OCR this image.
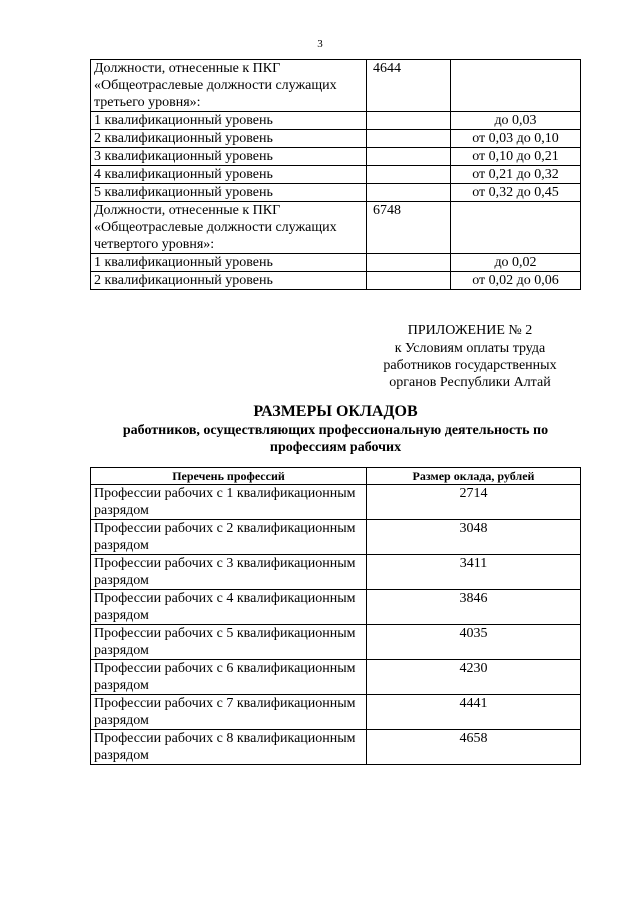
3
Должности, отнесенные к ПКГ «Общеотраслевые должности служащих третьего уровня»:	4644	
1 квалификационный уровень		до 0,03
2 квалификационный уровень		от 0,03 до 0,10
3 квалификационный уровень		от 0,10 до 0,21
4 квалификационный уровень		от 0,21 до 0,32
5 квалификационный уровень		от 0,32 до 0,45
Должности, отнесенные к ПКГ «Общеотраслевые должности служащих четвертого уровня»:	6748	
1 квалификационный уровень		до 0,02
2 квалификационный уровень		от 0,02 до 0,06
ПРИЛОЖЕНИЕ № 2
к Условиям оплаты труда
работников государственных
органов Республики Алтай
РАЗМЕРЫ ОКЛАДОВ
работников, осуществляющих профессиональную деятельность по профессиям рабочих
Перечень профессий	Размер оклада, рублей
Профессии рабочих с 1 квалификационным разрядом	2714
Профессии рабочих с 2 квалификационным разрядом	3048
Профессии рабочих с 3 квалификационным разрядом	3411
Профессии рабочих с 4 квалификационным разрядом	3846
Профессии рабочих с 5 квалификационным разрядом	4035
Профессии рабочих с 6 квалификационным разрядом	4230
Профессии рабочих с 7 квалификационным разрядом	4441
Профессии рабочих с 8 квалификационным разрядом	4658
